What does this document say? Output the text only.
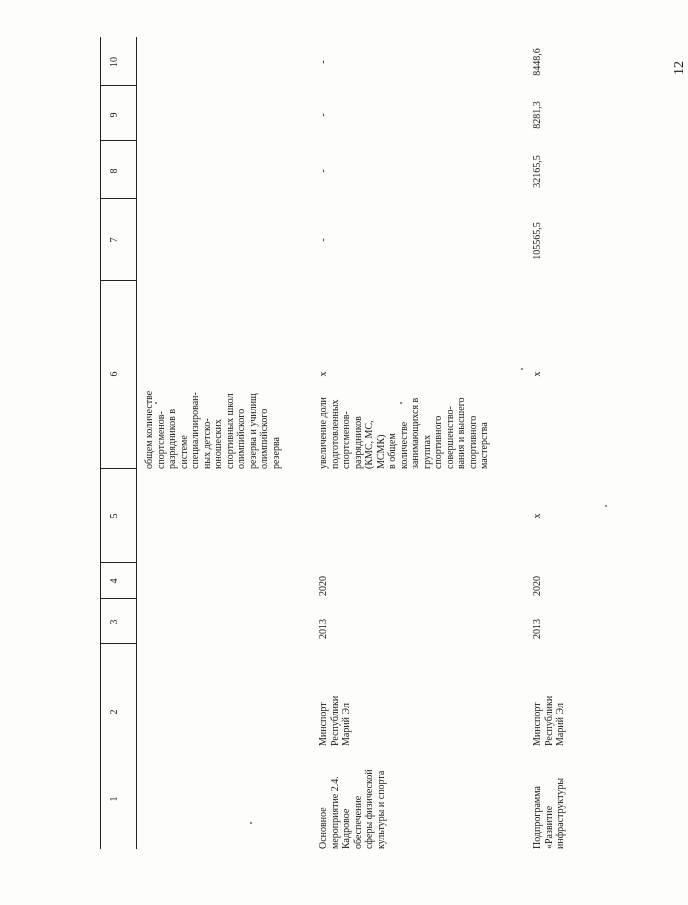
12
1
2
3
4
5
6
7
8
9
10
общем количестве
спортсменов-
разрядников в
системе
специализирован-
ных детско-
юношеских
спортивных школ
олимпийского
резерва и училищ
олимпийского
резерва
Основное
мероприятие 2.4.
Кадровое
обеспечение
сферы физической
культуры и спорта
Минспорт
Республики
Марий Эл
2013
2020
увеличение доли
подготовленных
спортсменов-
разрядников
(КМС, МС,
МСМК)
в общем
количестве
занимающихся в
группах
спортивного
совершенство-
вания и высшего
спортивного
мастерства
х
-
-
-
-
Подпрограмма
«Развитие
инфраструктуры
Минспорт
Республики
Марий Эл
2013
2020
х
х
105565,5
32165,5
8281,3
8448,6
